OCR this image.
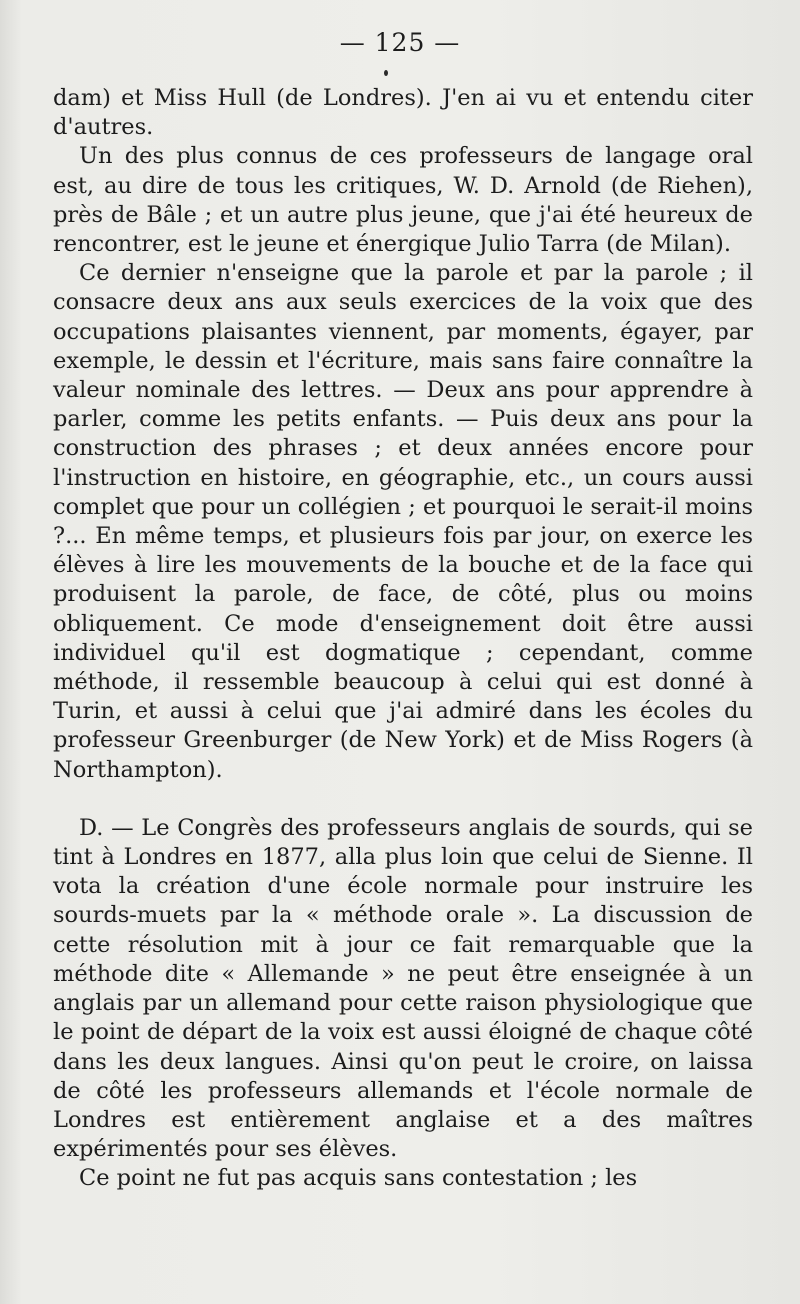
— 125 —

dam) et Miss Hull (de Londres). J'en ai vu et entendu citer d'autres.

Un des plus connus de ces professeurs de langage oral est, au dire de tous les critiques, W. D. Arnold (de Riehen), près de Bâle ; et un autre plus jeune, que j'ai été heureux de rencontrer, est le jeune et énergique Julio Tarra (de Milan).

Ce dernier n'enseigne que la parole et par la parole ; il consacre deux ans aux seuls exercices de la voix que des occupations plaisantes viennent, par moments, égayer, par exemple, le dessin et l'écriture, mais sans faire connaître la valeur nominale des lettres. — Deux ans pour apprendre à parler, comme les petits enfants. — Puis deux ans pour la construction des phrases ; et deux années encore pour l'instruction en histoire, en géographie, etc., un cours aussi complet que pour un collégien ; et pourquoi le serait-il moins ?... En même temps, et plusieurs fois par jour, on exerce les élèves à lire les mouvements de la bouche et de la face qui produisent la parole, de face, de côté, plus ou moins obliquement. Ce mode d'enseignement doit être aussi individuel qu'il est dogmatique ; cependant, comme méthode, il ressemble beaucoup à celui qui est donné à Turin, et aussi à celui que j'ai admiré dans les écoles du professeur Greenburger (de New York) et de Miss Rogers (à Northampton).

D. — Le Congrès des professeurs anglais de sourds, qui se tint à Londres en 1877, alla plus loin que celui de Sienne. Il vota la création d'une école normale pour instruire les sourds-muets par la « méthode orale ». La discussion de cette résolution mit à jour ce fait remarquable que la méthode dite « Allemande » ne peut être enseignée à un anglais par un allemand pour cette raison physiologique que le point de départ de la voix est aussi éloigné de chaque côté dans les deux langues. Ainsi qu'on peut le croire, on laissa de côté les professeurs allemands et l'école normale de Londres est entièrement anglaise et a des maîtres expérimentés pour ses élèves.

Ce point ne fut pas acquis sans contestation ; les
